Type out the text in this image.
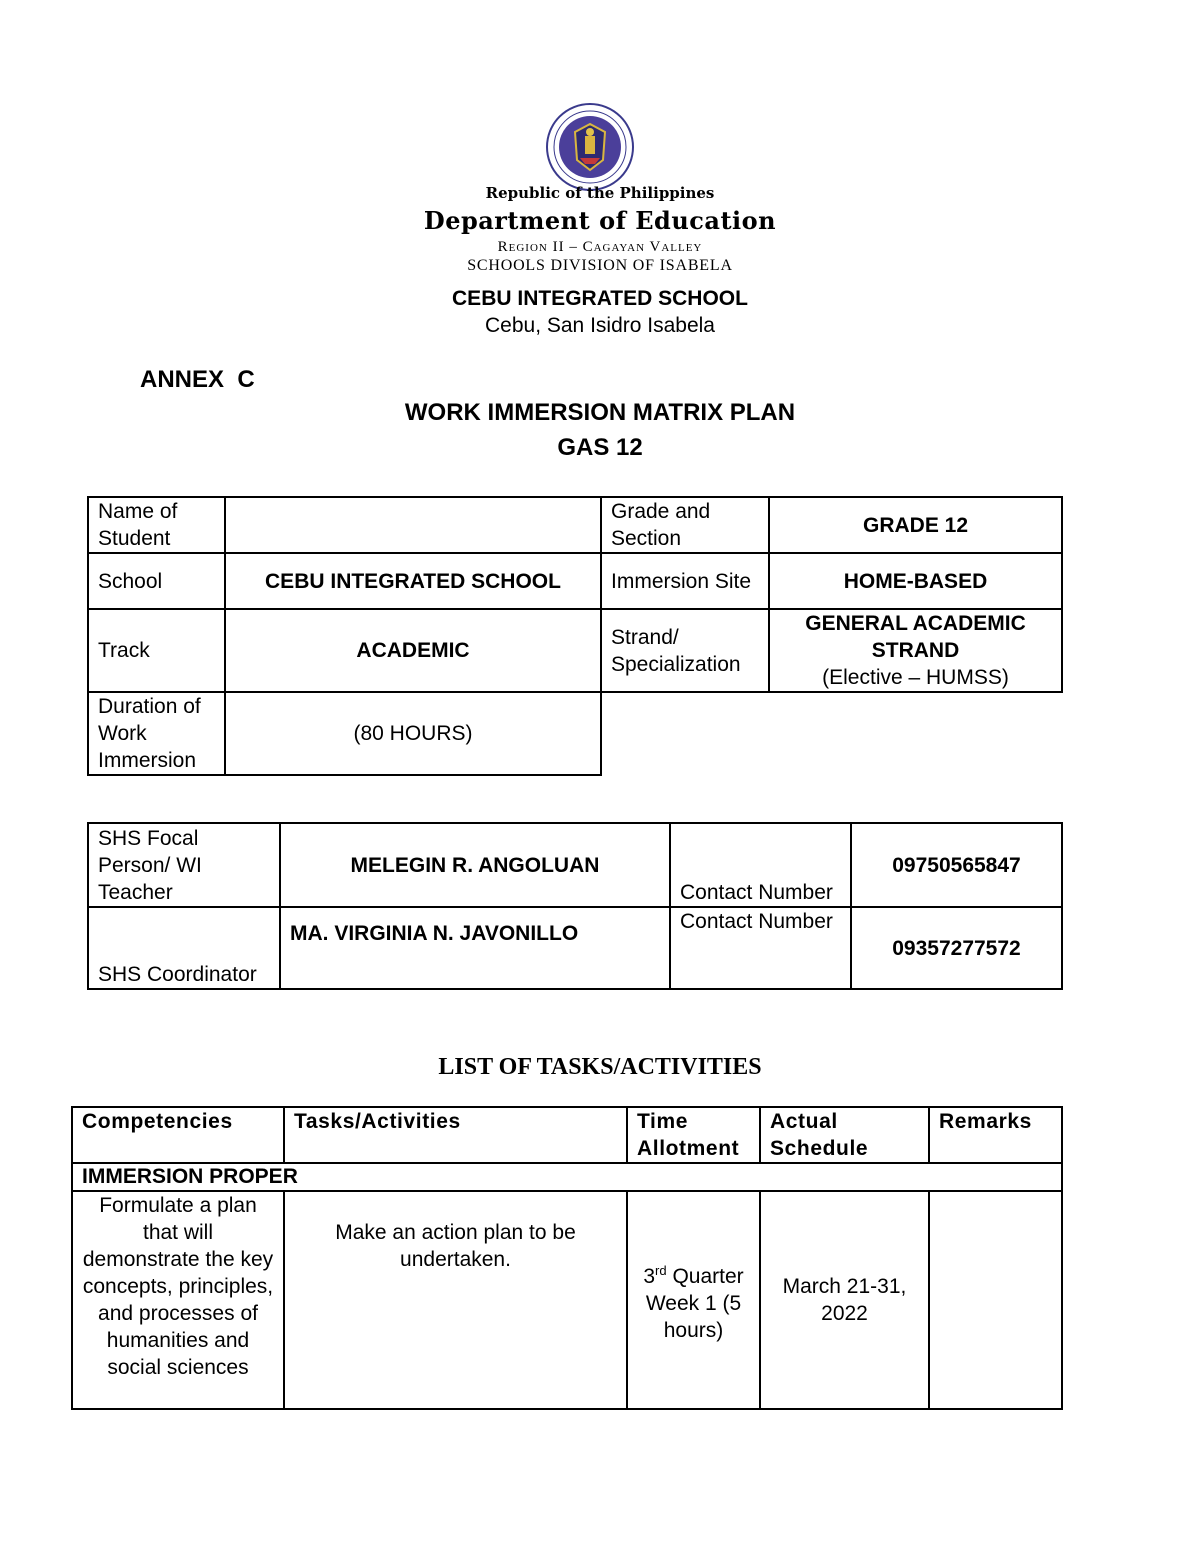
Republic of the Philippines
Department of Education
Region II – Cagayan Valley
SCHOOLS DIVISION OF ISABELA
CEBU INTEGRATED SCHOOL
Cebu, San Isidro Isabela
ANNEX  C
WORK IMMERSION MATRIX PLAN
GAS 12
Name of Student		Grade and Section	GRADE 12
School	CEBU INTEGRATED SCHOOL	Immersion Site	HOME-BASED
Track	ACADEMIC	Strand/ Specialization	GENERAL ACADEMIC STRAND
(Elective – HUMSS)

Duration of Work Immersion	(80 HOURS)		
SHS Focal Person/ WI Teacher	MELEGIN R. ANGOLUAN	Contact Number	09750565847
SHS Coordinator	MA. VIRGINIA N. JAVONILLO	Contact Number	09357277572
LIST OF TASKS/ACTIVITIES
Competencies	Tasks/Activities	Time Allotment	Actual Schedule	Remarks
IMMERSION PROPER				
Formulate a plan that will demonstrate the key concepts, principles, and processes of humanities and social sciences	Make an action plan to be undertaken.	3rd Quarter Week 1 (5 hours)	March 21-31, 2022	
